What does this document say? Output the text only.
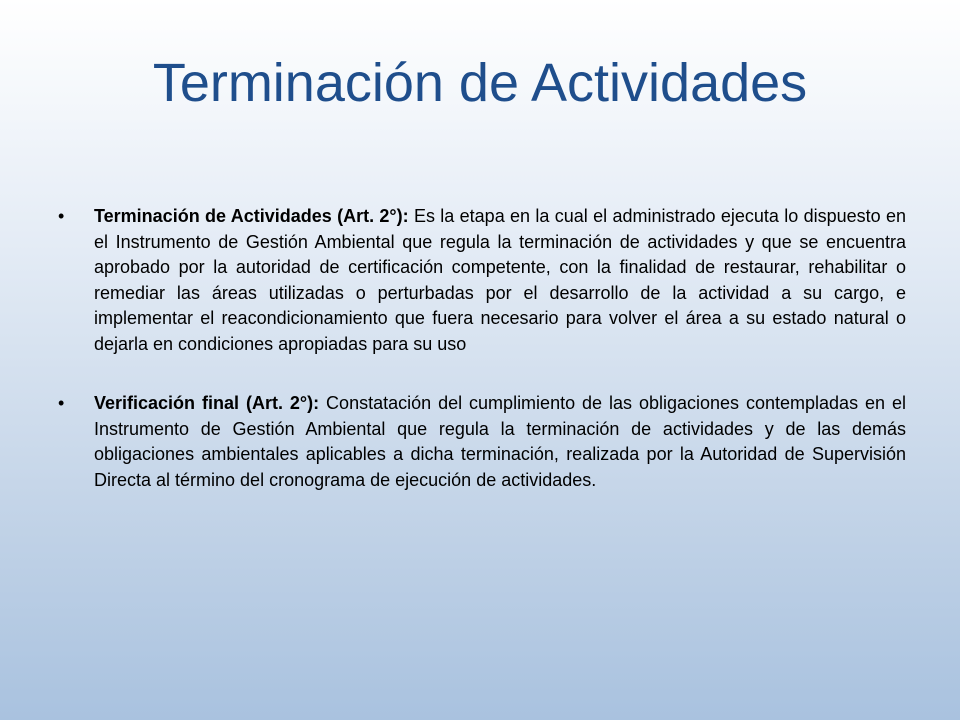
Terminación de Actividades
• Terminación de Actividades (Art. 2°): Es la etapa en la cual el administrado ejecuta lo dispuesto en el Instrumento de Gestión Ambiental que regula la terminación de actividades y que se encuentra aprobado por la autoridad de certificación competente, con la finalidad de restaurar, rehabilitar o remediar las áreas utilizadas o perturbadas por el desarrollo de la actividad a su cargo, e implementar el reacondicionamiento que fuera necesario para volver el área a su estado natural o dejarla en condiciones apropiadas para su uso
• Verificación final (Art. 2°): Constatación del cumplimiento de las obligaciones contempladas en el Instrumento de Gestión Ambiental que regula la terminación de actividades y de las demás obligaciones ambientales aplicables a dicha terminación, realizada por la Autoridad de Supervisión Directa al término del cronograma de ejecución de actividades.
